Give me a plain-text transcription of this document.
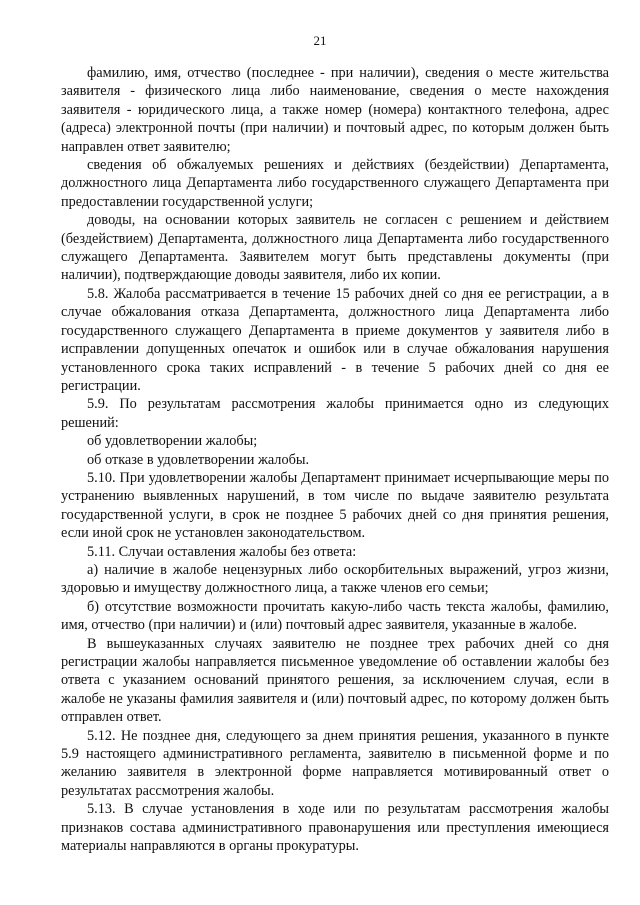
21

фамилию, имя, отчество (последнее - при наличии), сведения о месте жительства заявителя - физического лица либо наименование, сведения о месте нахождения заявителя - юридического лица, а также номер (номера) контактного телефона, адрес (адреса) электронной почты (при наличии) и почтовый адрес, по которым должен быть направлен ответ заявителю;

сведения об обжалуемых решениях и действиях (бездействии) Департамента, должностного лица Департамента либо государственного служащего Департамента при предоставлении государственной услуги;

доводы, на основании которых заявитель не согласен с решением и действием (бездействием) Департамента, должностного лица Департамента либо государственного служащего Департамента. Заявителем могут быть представлены документы (при наличии), подтверждающие доводы заявителя, либо их копии.

5.8. Жалоба рассматривается в течение 15 рабочих дней со дня ее регистрации, а в случае обжалования отказа Департамента, должностного лица Департамента либо государственного служащего Департамента в приеме документов у заявителя либо в исправлении допущенных опечаток и ошибок или в случае обжалования нарушения установленного срока таких исправлений - в течение 5 рабочих дней со дня ее регистрации.

5.9. По результатам рассмотрения жалобы принимается одно из следующих решений:

об удовлетворении жалобы;

об отказе в удовлетворении жалобы.

5.10. При удовлетворении жалобы Департамент принимает исчерпывающие меры по устранению выявленных нарушений, в том числе по выдаче заявителю результата государственной услуги, в срок не позднее 5 рабочих дней со дня принятия решения, если иной срок не установлен законодательством.

5.11. Случаи оставления жалобы без ответа:

а) наличие в жалобе нецензурных либо оскорбительных выражений, угроз жизни, здоровью и имуществу должностного лица, а также членов его семьи;

б) отсутствие возможности прочитать какую-либо часть текста жалобы, фамилию, имя, отчество (при наличии) и (или) почтовый адрес заявителя, указанные в жалобе.

В вышеуказанных случаях заявителю не позднее трех рабочих дней со дня регистрации жалобы направляется письменное уведомление об оставлении жалобы без ответа с указанием оснований принятого решения, за исключением случая, если в жалобе не указаны фамилия заявителя и (или) почтовый адрес, по которому должен быть отправлен ответ.

5.12. Не позднее дня, следующего за днем принятия решения, указанного в пункте 5.9 настоящего административного регламента, заявителю в письменной форме и по желанию заявителя в электронной форме направляется мотивированный ответ о результатах рассмотрения жалобы.

5.13. В случае установления в ходе или по результатам рассмотрения жалобы признаков состава административного правонарушения или преступления имеющиеся материалы направляются в органы прокуратуры.
